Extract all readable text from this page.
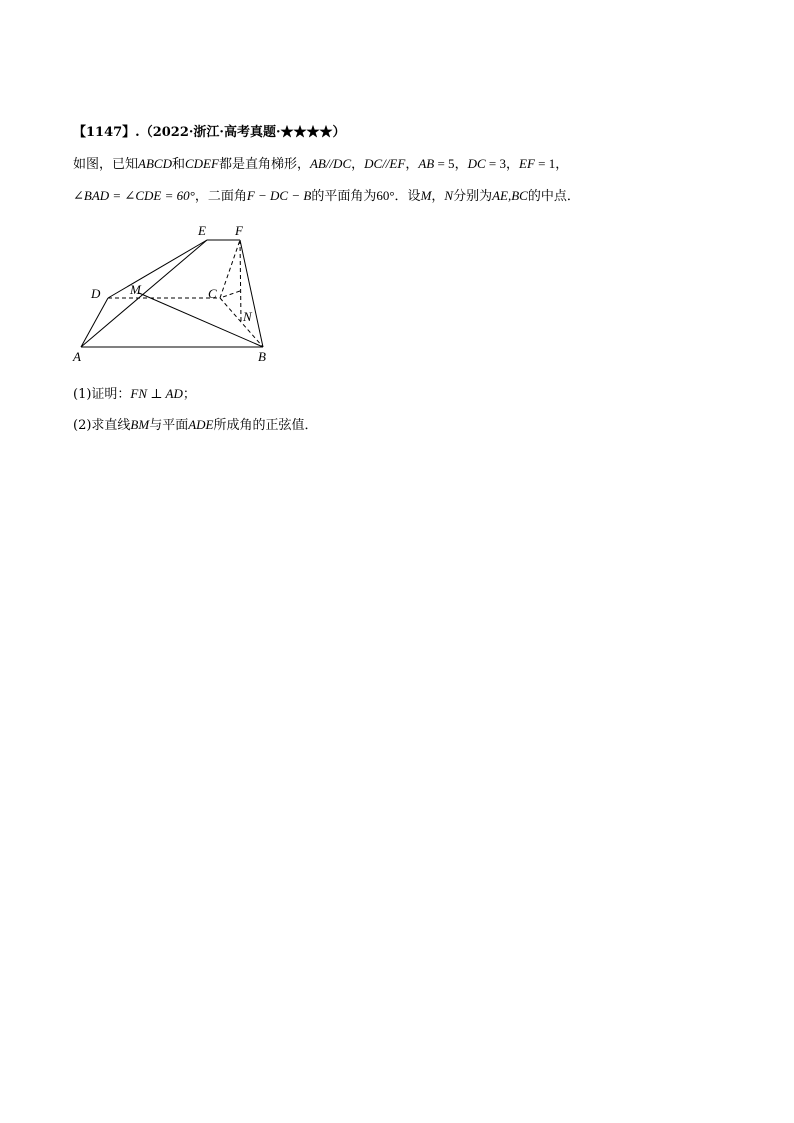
【1147】.（2022·浙江·高考真题·★★★★）
如图，已知ABCD和CDEF都是直角梯形，AB//DC，DC//EF，AB = 5，DC = 3，EF = 1，
∠BAD = ∠CDE = 60°，二面角F − DC − B的平面角为60°．设M，N分别为AE,BC的中点．
A	B
C
D
E F
M
N
(1)证明：FN ⊥ AD；
(2)求直线BM与平面ADE所成角的正弦值．
